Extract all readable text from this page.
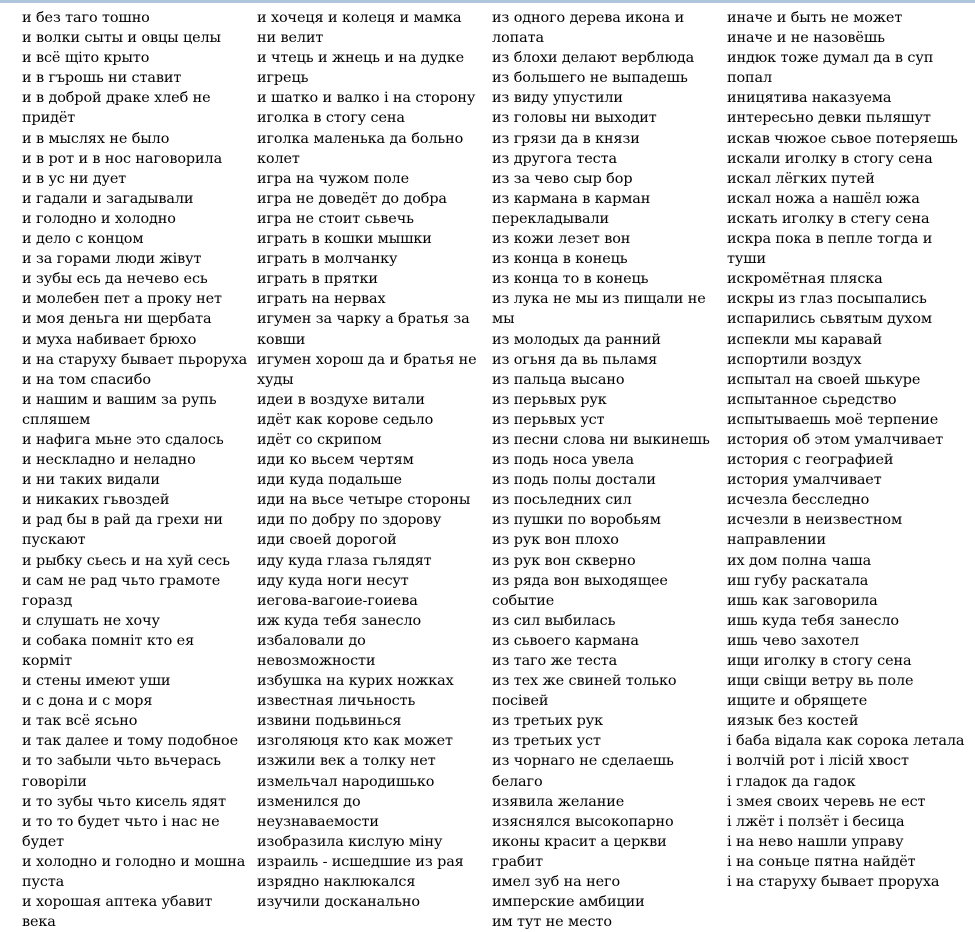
и без таго тошно
и волки сыты и овцы целы
и всё щіто крыто
и в гърошь ни ставит
и в доброй драке хлеб не придёт
и в мыслях не было
и в рот и в нос наговорила
и в ус ни дует
и гадали и загадывали
и голодно и холодно
и дело с концом
и за горами люди жівут
и зубы есь да нечево есь
и молебен пет а проку нет
и моя деньга ни щербата
и муха набивает брюхо
и на старуху бывает пьроруха
и на том спасибо
и нашим и вашим за рупь спляшем
и нафига мьне это сдалось
и нескладно и неладно
и ни таких видали
и никаких гьвоздей
и рад бы в рай да грехи ни пускают
и рыбку сьесь и на хуй сесь
и сам не рад чьто грамоте горазд
и слушать не хочу
и собака помніт кто ея корміт
и стены имеют уши
и с дона и с моря
и так всё ясьно
и так далее и тому подобное
и то забыли чьто вьчерась говоріли
и то зубы чьто кисель ядят
и то то будет чьто і нас не будет
и холодно и голодно и мошна пуста
и хорошая аптека убавит века
и хочеця и колеця и мамка ни велит
и чтець и жнець и на дудке игрець
и шатко и валко і на сторону
иголка в стогу сена
иголка маленька да больно колет
игра на чужом поле
игра не доведёт до добра
игра не стоит сьвечь
играть в кошки мышки
играть в молчанку
играть в прятки
играть на нервах
игумен за чарку а братья за ковши
игумен хорош да и братья не худы
идеи в воздухе витали
идёт как корове седьло
идёт со скрипом
иди ко вьсем чертям
иди куда подальше
иди на вьсе четыре стороны
иди по добру по здорову
иди своей дорогой
иду куда глаза гьлядят
иду куда ноги несут
иегова-вагоие-гоиева
иж куда тебя занесло
избаловали до невозможности
избушка на курих ножках
известная личьность
извини подьвинься
изголяюця кто как может
изжили век а толку нет
измельчал народишько
изменился до неузнаваемости
изобразила кислую міну
израиль - исшедшие из рая
изрядно наклюкался
изучили досканально
из одного дерева икона и лопата
из блохи делают верблюда
из большего не выпадешь
из виду упустили
из головы ни выходит
из грязи да в князи
из другога теста
из за чево сыр бор
из кармана в карман перекладывали
из кожи лезет вон
из конца в конець
из конца то в конець
из лука не мы из пищали не мы
из молодых да ранний
из огьня да вь пьламя
из пальца высано
из перьвых рук
из перьвых уст
из песни слова ни выкинешь
из подь носа увела
из подь полы достали
из посьледних сил
из пушки по воробьям
из рук вон плохо
из рук вон скверно
из ряда вон выходящее событие
из сил выбилась
из сьвоего кармана
из таго же теста
из тех же свиней только посівей
из третьих рук
из третьих уст
из чорнаго не сделаешь белаго
изявила желание
изяснялся высокопарно
иконы красит а церкви грабит
имел зуб на него
имперские амбиции
им тут не место
иначе и быть не может
иначе и не назовёшь
индюк тоже думал да в суп попал
иницятива наказуема
интересьно девки пьляшут
искав чюжое сьвое потеряешь
искали иголку в стогу сена
искал лёгких путей
искал ножа а нашёл южа
искать иголку в стегу сена
искра пока в пепле тогда и туши
искромётная пляска
искры из глаз посыпались
испарились сьвятым духом
испекли мы каравай
испортили воздух
испытал на своей шькуре
испытанное сьредство
испытываешь моё терпение
история об этом умалчивает
история с географией
история умалчивает
исчезла бесследно
исчезли в неизвестном направлении
их дом полна чаша
иш губу раскатала
ишь как заговорила
ишь куда тебя занесло
ишь чево захотел
ищи иголку в стогу сена
ищи свіщи ветру вь поле
ищите и обрящете
иязык без костей
і баба відала как сорока летала
і волчій рот і лісій хвост
і гладок да гадок
і змея своих черевь не ест
і лжёт і ползёт і бесица
і на нево нашли управу
і на соньце пятна найдёт
і на старуху бывает проруха
